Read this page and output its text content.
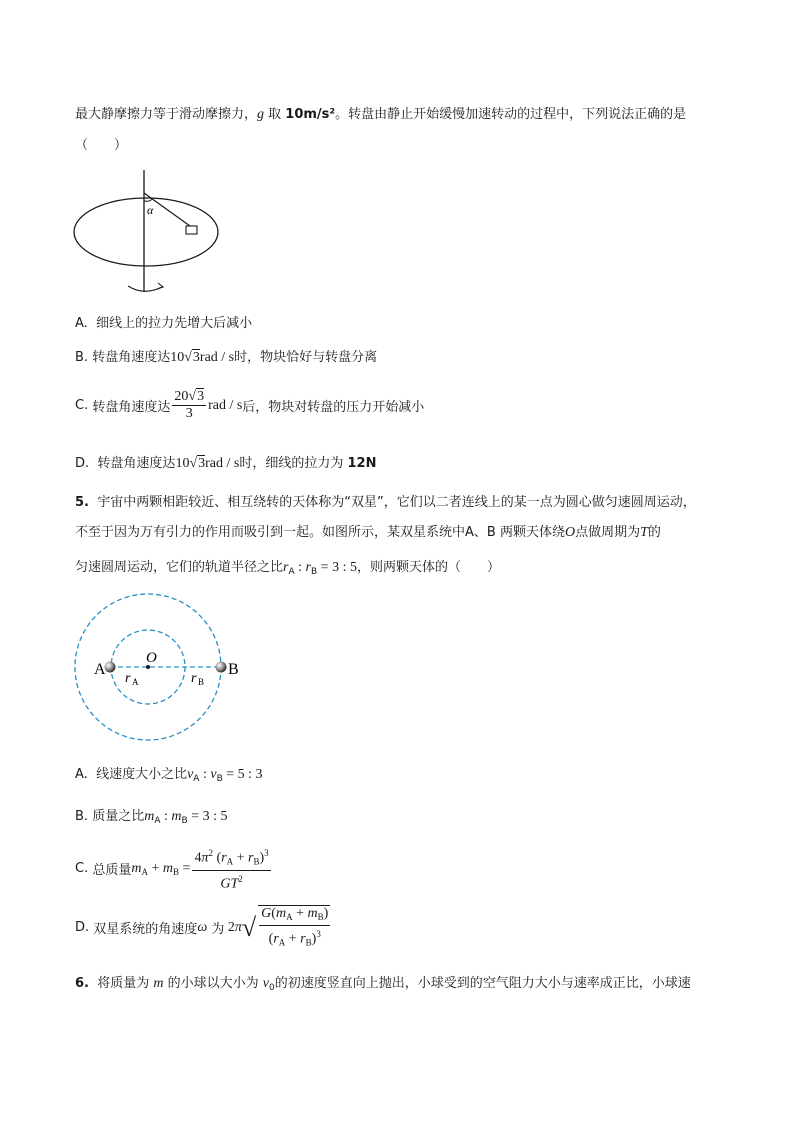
最大静摩擦力等于滑动摩擦力，g 取 10m/s²。转盘由静止开始缓慢加速转动的过程中，下列说法正确的是
（　　）
α
A. 细线上的拉力先增大后减小
B. 转盘角速度达10√3rad / s时，物块恰好与转盘分离
C.
转盘角速度达 $\frac{20√3}{3}$ rad / s 后，物块对转盘的压力开始减小
D. 转盘角速度达10√3rad / s时，细线的拉力为 12N
5. 宇宙中两颗相距较近、相互绕转的天体称为“双星”，它们以二者连线上的某一点为圆心做匀速圆周运动，
不至于因为万有引力的作用而吸引到一起。如图所示，某双星系统中A、B 两颗天体绕O点做周期为T的
匀速圆周运动，它们的轨道半径之比$r_A$ : $r_B = 3$ : 5，则两颗天体的（　　）
A	B
O
r A	r B
A. 线速度大小之比$v_A$ : $v_B = 5$ : 3
B. 质量之比$m_A$ : $m_B = 3$ : 5
C.
总质量 $m_A + m_B = \frac{4\pi^2 (r_A + r_B)^3}{GT^2}$
D.
双星系统的角速度 ω
为 2π √ $\frac{G(m_A + m_B)}{(r_A + r_B)^3}$
6. 将质量为 m 的小球以大小为 $v_0$的初速度竖直向上抛出，小球受到的空气阻力大小与速率成正比，小球速
